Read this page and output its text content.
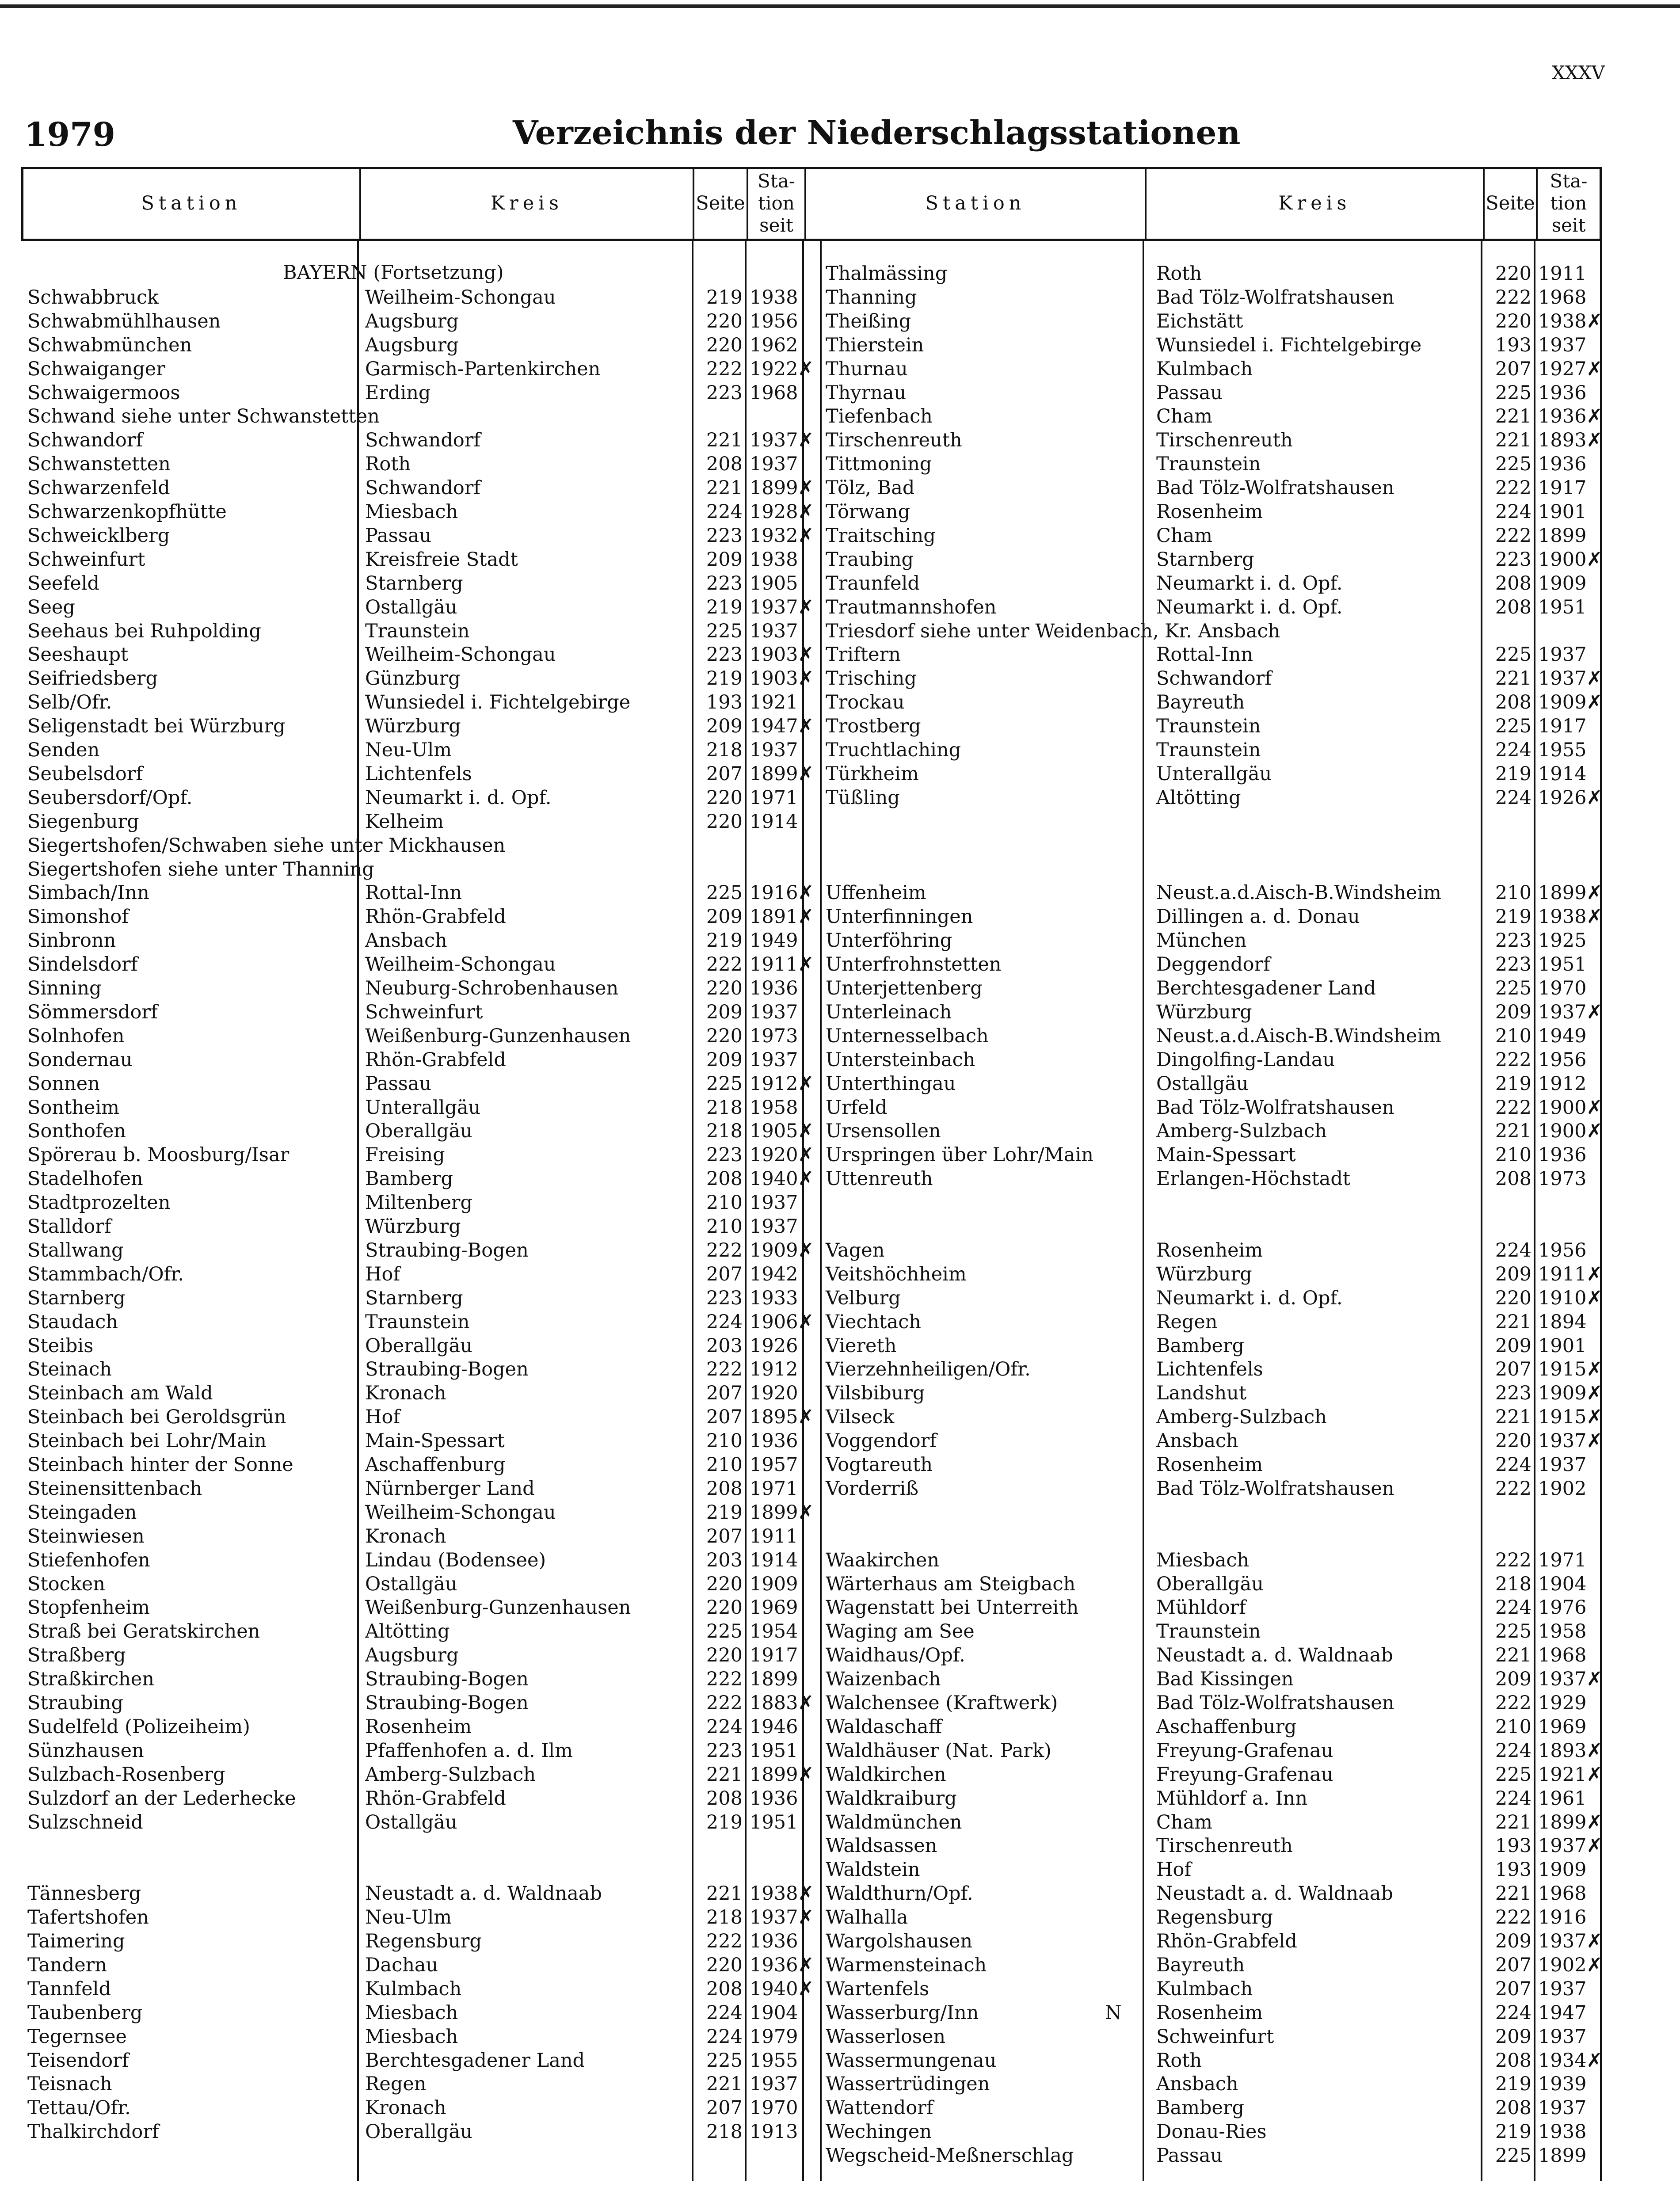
XXXV
1979	Verzeichnis der Niederschlagsstationen
Station	Kreis	Seite
Sta-
tion
seit
Station	Kreis	Seite
Sta-
tion
seit
BAYERN (Fortsetzung)
Schwabbruck	Weilheim-Schongau	219 1938
Schwabmühlhausen	Augsburg	220 1956
Schwabmünchen	Augsburg	220 1962
Schwaiganger	Garmisch-Partenkirchen	222 1922✗
Schwaigermoos	Erding	223 1968
Schwand siehe unter Schwanstetten
Schwandorf	Schwandorf	221 1937✗
Schwanstetten	Roth	208 1937
Schwarzenfeld	Schwandorf	221 1899✗
Schwarzenkopfhütte	Miesbach	224 1928✗
Schweicklberg	Passau	223 1932✗
Schweinfurt	Kreisfreie Stadt	209 1938
Seefeld	Starnberg	223 1905
Seeg	Ostallgäu	219 1937✗
Seehaus bei Ruhpolding	Traunstein	225 1937
Seeshaupt	Weilheim-Schongau	223 1903✗
Seifriedsberg	Günzburg	219 1903✗
Selb/Ofr.	Wunsiedel i. Fichtelgebirge	193 1921
Seligenstadt bei Würzburg	Würzburg	209 1947✗
Senden	Neu-Ulm	218 1937
Seubelsdorf	Lichtenfels	207 1899✗
Seubersdorf/Opf.	Neumarkt i. d. Opf.	220 1971
Siegenburg	Kelheim	220 1914
Siegertshofen/Schwaben siehe unter Mickhausen
Siegertshofen siehe unter Thanning
Simbach/Inn	Rottal-Inn	225 1916✗
Simonshof	Rhön-Grabfeld	209 1891✗
Sinbronn	Ansbach	219 1949
Sindelsdorf	Weilheim-Schongau	222 1911✗
Sinning	Neuburg-Schrobenhausen	220 1936
Sömmersdorf	Schweinfurt	209 1937
Solnhofen	Weißenburg-Gunzenhausen	220 1973
Sondernau	Rhön-Grabfeld	209 1937
Sonnen	Passau	225 1912✗
Sontheim	Unterallgäu	218 1958
Sonthofen	Oberallgäu	218 1905✗
Spörerau b. Moosburg/Isar	Freising	223 1920✗
Stadelhofen	Bamberg	208 1940✗
Stadtprozelten	Miltenberg	210 1937
Stalldorf	Würzburg	210 1937
Stallwang	Straubing-Bogen	222 1909✗
Stammbach/Ofr.	Hof	207 1942
Starnberg	Starnberg	223 1933
Staudach	Traunstein	224 1906✗
Steibis	Oberallgäu	203 1926
Steinach	Straubing-Bogen	222 1912
Steinbach am Wald	Kronach	207 1920
Steinbach bei Geroldsgrün	Hof	207 1895✗
Steinbach bei Lohr/Main	Main-Spessart	210 1936
Steinbach hinter der Sonne	Aschaffenburg	210 1957
Steinensittenbach	Nürnberger Land	208 1971
Steingaden	Weilheim-Schongau	219 1899✗
Steinwiesen	Kronach	207 1911
Stiefenhofen	Lindau (Bodensee)	203 1914
Stocken	Ostallgäu	220 1909
Stopfenheim	Weißenburg-Gunzenhausen	220 1969
Straß bei Geratskirchen	Altötting	225 1954
Straßberg	Augsburg	220 1917
Straßkirchen	Straubing-Bogen	222 1899
Straubing	Straubing-Bogen	222 1883✗
Sudelfeld (Polizeiheim)	Rosenheim	224 1946
Sünzhausen	Pfaffenhofen a. d. Ilm	223 1951
Sulzbach-Rosenberg	Amberg-Sulzbach	221 1899✗
Sulzdorf an der Lederhecke	Rhön-Grabfeld	208 1936
Sulzschneid	Ostallgäu	219 1951
Tännesberg	Neustadt a. d. Waldnaab	221 1938✗
Tafertshofen	Neu-Ulm	218 1937✗
Taimering	Regensburg	222 1936
Tandern	Dachau	220 1936✗
Tannfeld	Kulmbach	208 1940✗
Taubenberg	Miesbach	224 1904
Tegernsee	Miesbach	224 1979
Teisendorf	Berchtesgadener Land	225 1955
Teisnach	Regen	221 1937
Tettau/Ofr.	Kronach	207 1970
Thalkirchdorf	Oberallgäu	218 1913
Thalmässing	Roth	220 1911
Thanning	Bad Tölz-Wolfratshausen	222 1968
Theißing	Eichstätt	220 1938✗
Thierstein	Wunsiedel i. Fichtelgebirge	193 1937
Thurnau	Kulmbach	207 1927✗
Thyrnau	Passau	225 1936
Tiefenbach	Cham	221 1936✗
Tirschenreuth	Tirschenreuth	221 1893✗
Tittmoning	Traunstein	225 1936
Tölz, Bad	Bad Tölz-Wolfratshausen	222 1917
Törwang	Rosenheim	224 1901
Traitsching	Cham	222 1899
Traubing	Starnberg	223 1900✗
Traunfeld	Neumarkt i. d. Opf.	208 1909
Trautmannshofen	Neumarkt i. d. Opf.	208 1951
Triesdorf siehe unter Weidenbach, Kr. Ansbach
Triftern	Rottal-Inn	225 1937
Trisching	Schwandorf	221 1937✗
Trockau	Bayreuth	208 1909✗
Trostberg	Traunstein	225 1917
Truchtlaching	Traunstein	224 1955
Türkheim	Unterallgäu	219 1914
Tüßling	Altötting	224 1926✗
Uffenheim	Neust.a.d.Aisch-B.Windsheim	210 1899✗
Unterfinningen	Dillingen a. d. Donau	219 1938✗
Unterföhring	München	223 1925
Unterfrohnstetten	Deggendorf	223 1951
Unterjettenberg	Berchtesgadener Land	225 1970
Unterleinach	Würzburg	209 1937✗
Unternesselbach	Neust.a.d.Aisch-B.Windsheim	210 1949
Untersteinbach	Dingolfing-Landau	222 1956
Unterthingau	Ostallgäu	219 1912
Urfeld	Bad Tölz-Wolfratshausen	222 1900✗
Ursensollen	Amberg-Sulzbach	221 1900✗
Urspringen über Lohr/Main	Main-Spessart	210 1936
Uttenreuth	Erlangen-Höchstadt	208 1973
Vagen	Rosenheim	224 1956
Veitshöchheim	Würzburg	209 1911✗
Velburg	Neumarkt i. d. Opf.	220 1910✗
Viechtach	Regen	221 1894
Viereth	Bamberg	209 1901
Vierzehnheiligen/Ofr.	Lichtenfels	207 1915✗
Vilsbiburg	Landshut	223 1909✗
Vilseck	Amberg-Sulzbach	221 1915✗
Voggendorf	Ansbach	220 1937✗
Vogtareuth	Rosenheim	224 1937
Vorderriß	Bad Tölz-Wolfratshausen	222 1902
Waakirchen	Miesbach	222 1971
Wärterhaus am Steigbach	Oberallgäu	218 1904
Wagenstatt bei Unterreith	Mühldorf	224 1976
Waging am See	Traunstein	225 1958
Waidhaus/Opf.	Neustadt a. d. Waldnaab	221 1968
Waizenbach	Bad Kissingen	209 1937✗
Walchensee (Kraftwerk)	Bad Tölz-Wolfratshausen	222 1929
Waldaschaff	Aschaffenburg	210 1969
Waldhäuser (Nat. Park)	Freyung-Grafenau	224 1893✗
Waldkirchen	Freyung-Grafenau	225 1921✗
Waldkraiburg	Mühldorf a. Inn	224 1961
Waldmünchen	Cham	221 1899✗
Waldsassen	Tirschenreuth	193 1937✗
Waldstein	Hof	193 1909
Waldthurn/Opf.	Neustadt a. d. Waldnaab	221 1968
Walhalla	Regensburg	222 1916
Wargolshausen	Rhön-Grabfeld	209 1937✗
Warmensteinach	Bayreuth	207 1902✗
Wartenfels	Kulmbach	207 1937
Wasserburg/Inn	Rosenheim	224 1947
N
Wasserlosen	Schweinfurt	209 1937
Wassermungenau	Roth	208 1934✗
Wassertrüdingen	Ansbach	219 1939
Wattendorf	Bamberg	208 1937
Wechingen	Donau-Ries	219 1938
Wegscheid-Meßnerschlag	Passau	225 1899
